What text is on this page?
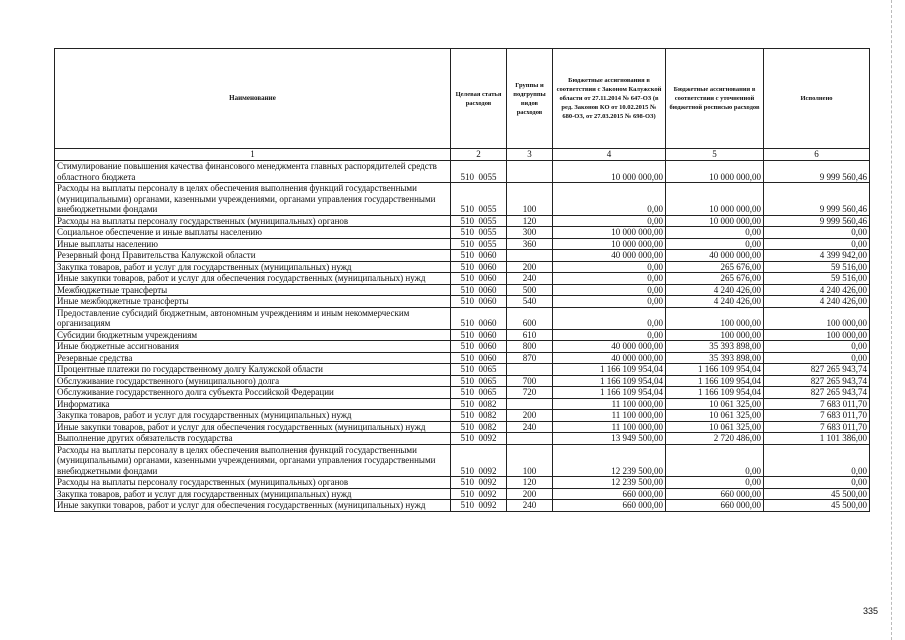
Наименование	Целевая статья расходов	Группы и подгруппы видов расходов	Бюджетные ассигнования в соответствии с Законом Калужской области от 27.11.2014 № 647-ОЗ (в ред. Законов КО от 10.02.2015 № 680-ОЗ, от 27.03.2015 № 698-ОЗ)	Бюджетные ассигнования в соответствии с уточненной бюджетной росписью расходов	Исполнено
1	2	3	4	5	6
Стимулирование повышения качества финансового менеджмента главных распорядителей средств областного бюджета	510  0055		10 000 000,00	10 000 000,00	9 999 560,46
Расходы на выплаты персоналу в целях обеспечения выполнения функций государственными (муниципальными) органами, казенными учреждениями, органами управления государственными внебюджетными фондами	510  0055	100	0,00	10 000 000,00	9 999 560,46
Расходы на выплаты персоналу государственных (муниципальных) органов	510  0055	120	0,00	10 000 000,00	9 999 560,46
Социальное обеспечение и иные выплаты населению	510  0055	300	10 000 000,00	0,00	0,00
Иные выплаты населению	510  0055	360	10 000 000,00	0,00	0,00
Резервный фонд Правительства Калужской области	510  0060		40 000 000,00	40 000 000,00	4 399 942,00
Закупка товаров, работ и услуг для государственных (муниципальных) нужд	510  0060	200	0,00	265 676,00	59 516,00
Иные закупки товаров, работ и услуг для обеспечения государственных (муниципальных) нужд	510  0060	240	0,00	265 676,00	59 516,00
Межбюджетные трансферты	510  0060	500	0,00	4 240 426,00	4 240 426,00
Иные межбюджетные трансферты	510  0060	540	0,00	4 240 426,00	4 240 426,00
Предоставление субсидий бюджетным, автономным учреждениям и иным некоммерческим организациям	510  0060	600	0,00	100 000,00	100 000,00
Субсидии бюджетным учреждениям	510  0060	610	0,00	100 000,00	100 000,00
Иные бюджетные ассигнования	510  0060	800	40 000 000,00	35 393 898,00	0,00
Резервные средства	510  0060	870	40 000 000,00	35 393 898,00	0,00
Процентные платежи по государственному долгу Калужской области	510  0065		1 166 109 954,04	1 166 109 954,04	827 265 943,74
Обслуживание государственного (муниципального) долга	510  0065	700	1 166 109 954,04	1 166 109 954,04	827 265 943,74
Обслуживание государственного долга субъекта Российской Федерации	510  0065	720	1 166 109 954,04	1 166 109 954,04	827 265 943,74
Информатика	510  0082		11 100 000,00	10 061 325,00	7 683 011,70
Закупка товаров, работ и услуг для государственных (муниципальных) нужд	510  0082	200	11 100 000,00	10 061 325,00	7 683 011,70
Иные закупки товаров, работ и услуг для обеспечения государственных (муниципальных) нужд	510  0082	240	11 100 000,00	10 061 325,00	7 683 011,70
Выполнение других обязательств государства	510  0092		13 949 500,00	2 720 486,00	1 101 386,00
Расходы на выплаты персоналу в целях обеспечения выполнения функций государственными (муниципальными) органами, казенными учреждениями, органами управления государственными внебюджетными фондами	510  0092	100	12 239 500,00	0,00	0,00
Расходы на выплаты персоналу государственных (муниципальных) органов	510  0092	120	12 239 500,00	0,00	0,00
Закупка товаров, работ и услуг для государственных (муниципальных) нужд	510  0092	200	660 000,00	660 000,00	45 500,00
Иные закупки товаров, работ и услуг для обеспечения государственных (муниципальных) нужд	510  0092	240	660 000,00	660 000,00	45 500,00
335
